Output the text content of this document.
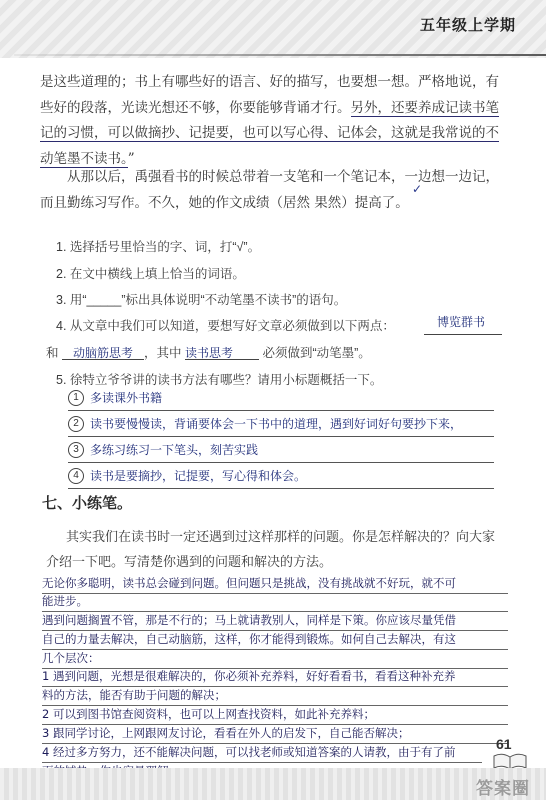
五年级上学期
是这些道理的；书上有哪些好的语言、好的描写，也要想一想。严格地说，有些好的段落，光读光想还不够，你要能够背诵才行。另外，还要养成记读书笔记的习惯，可以做摘抄、记提要，也可以写心得、记体会，这就是我常说的不动笔墨不读书。”
从那以后，禹强看书的时候总带着一支笔和一个笔记本，一边想一边记，而且勤练习写作。不久，她的作文成绩（居然 果然）提高了。
✓
1. 选择括号里恰当的字、词，打“√”。
2. 在文中横线上填上恰当的词语。
3. 用“_____”标出具体说明“不动笔墨不读书”的语句。
4. 从文章中我们可以知道，要想写好文章必须做到以下两点：	博览群书
和 动脑筋思考 ，其中 读书思考 必须做到“动笔墨”。
5. 徐特立爷爷讲的读书方法有哪些？请用小标题概括一下。
1 多读课外书籍
2 读书要慢慢读，背诵要体会一下书中的道理，遇到好词好句要抄下来，
3 多练习练习一下笔头，刻苦实践
4 读书是要摘抄，记提要，写心得和体会。
七、小练笔。
其实我们在读书时一定还遇到过这样那样的问题。你是怎样解决的？向大家介绍一下吧。写清楚你遇到的问题和解决的方法。
无论你多聪明，读书总会碰到问题。但问题只是挑战，没有挑战就不好玩，就不可
能进步。
遇到问题搁置不管，那是不行的；马上就请教别人，同样是下策。你应该尽量凭借
自己的力量去解决，自己动脑筋，这样，你才能得到锻炼。如何自己去解决，有这
几个层次：
1 遇到问题，光想是很难解决的，你必须补充养料，好好看看书，看看这种补充养
料的方法，能否有助于问题的解决；
2 可以到图书馆查阅资料，也可以上网查找资料，如此补充养料；
3 跟同学讨论，上网跟网友讨论，看看在外人的启发下，自己能否解决；
4 经过多方努力，还不能解决问题，可以找老师或知道答案的人请教，由于有了前	61
答案圈
